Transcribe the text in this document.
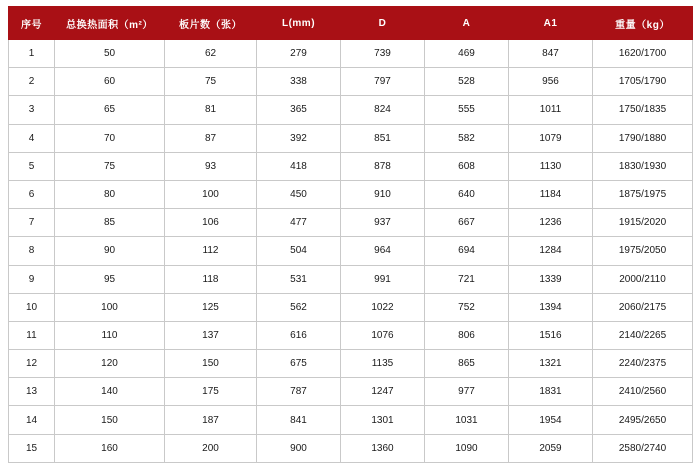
序号	总换热面积（m²）	板片数（张）	L(mm)	D	A	A1	重量（kg）
1	50	62	279	739	469	847	1620/1700
2	60	75	338	797	528	956	1705/1790
3	65	81	365	824	555	1011	1750/1835
4	70	87	392	851	582	1079	1790/1880
5	75	93	418	878	608	1130	1830/1930
6	80	100	450	910	640	1184	1875/1975
7	85	106	477	937	667	1236	1915/2020
8	90	112	504	964	694	1284	1975/2050
9	95	118	531	991	721	1339	2000/2110
10	100	125	562	1022	752	1394	2060/2175
11	110	137	616	1076	806	1516	2140/2265
12	120	150	675	1135	865	1321	2240/2375
13	140	175	787	1247	977	1831	2410/2560
14	150	187	841	1301	1031	1954	2495/2650
15	160	200	900	1360	1090	2059	2580/2740
